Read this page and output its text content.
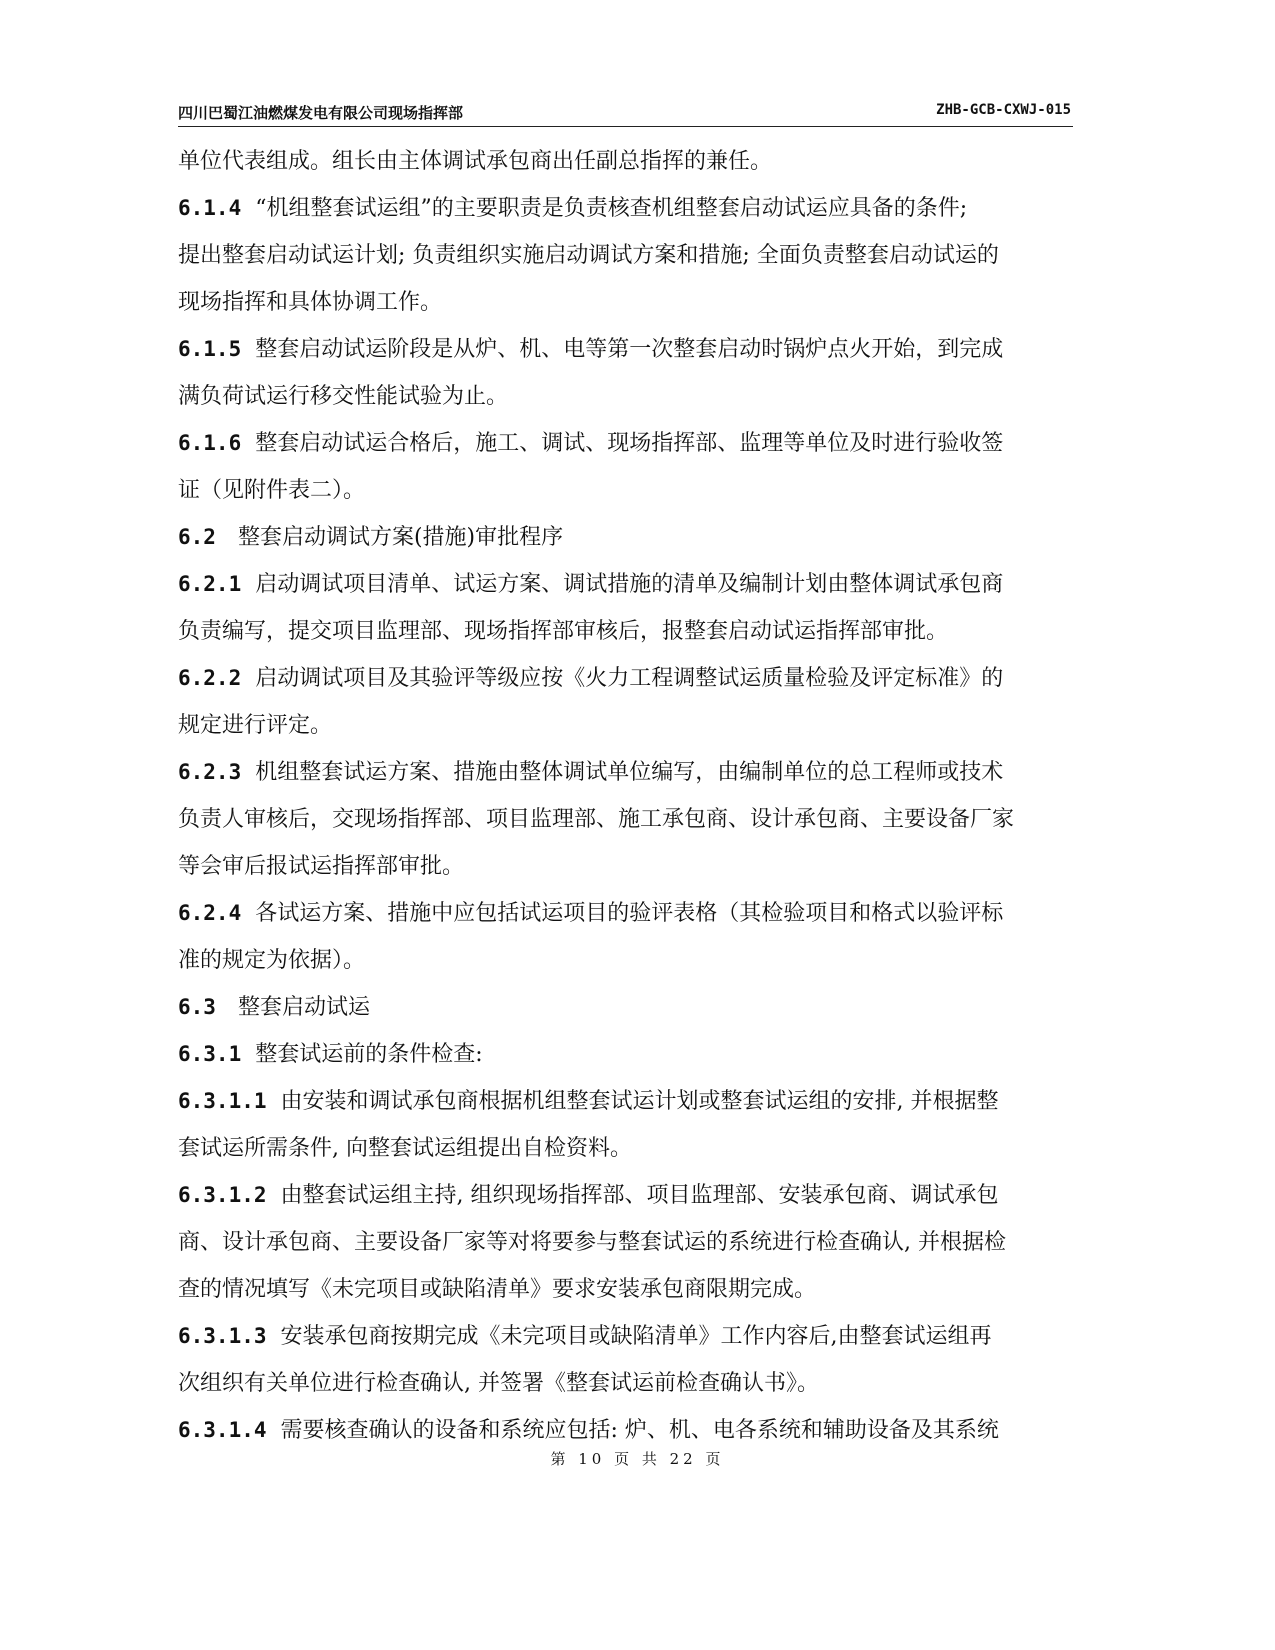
四川巴蜀江油燃煤发电有限公司现场指挥部	ZHB-GCB-CXWJ-015
单位代表组成。组长由主体调试承包商出任副总指挥的兼任。
6.1.4 “机组整套试运组”的主要职责是负责核查机组整套启动试运应具备的条件;
提出整套启动试运计划; 负责组织实施启动调试方案和措施; 全面负责整套启动试运的
现场指挥和具体协调工作。
6.1.5 整套启动试运阶段是从炉、机、电等第一次整套启动时锅炉点火开始，到完成
满负荷试运行移交性能试验为止。
6.1.6 整套启动试运合格后，施工、调试、现场指挥部、监理等单位及时进行验收签
证（见附件表二）。
6.2 整套启动调试方案(措施)审批程序
6.2.1 启动调试项目清单、试运方案、调试措施的清单及编制计划由整体调试承包商
负责编写，提交项目监理部、现场指挥部审核后，报整套启动试运指挥部审批。
6.2.2 启动调试项目及其验评等级应按《火力工程调整试运质量检验及评定标准》的
规定进行评定。
6.2.3 机组整套试运方案、措施由整体调试单位编写，由编制单位的总工程师或技术
负责人审核后，交现场指挥部、项目监理部、施工承包商、设计承包商、主要设备厂家
等会审后报试运指挥部审批。
6.2.4 各试运方案、措施中应包括试运项目的验评表格（其检验项目和格式以验评标
准的规定为依据）。
6.3 整套启动试运
6.3.1 整套试运前的条件检查:
6.3.1.1 由安装和调试承包商根据机组整套试运计划或整套试运组的安排, 并根据整
套试运所需条件, 向整套试运组提出自检资料。
6.3.1.2 由整套试运组主持, 组织现场指挥部、项目监理部、安装承包商、调试承包
商、设计承包商、主要设备厂家等对将要参与整套试运的系统进行检查确认, 并根据检
查的情况填写《未完项目或缺陷清单》要求安装承包商限期完成。
6.3.1.3 安装承包商按期完成《未完项目或缺陷清单》工作内容后,由整套试运组再
次组织有关单位进行检查确认, 并签署《整套试运前检查确认书》。
6.3.1.4 需要核查确认的设备和系统应包括: 炉、机、电各系统和辅助设备及其系统
第 10 页 共 22 页
